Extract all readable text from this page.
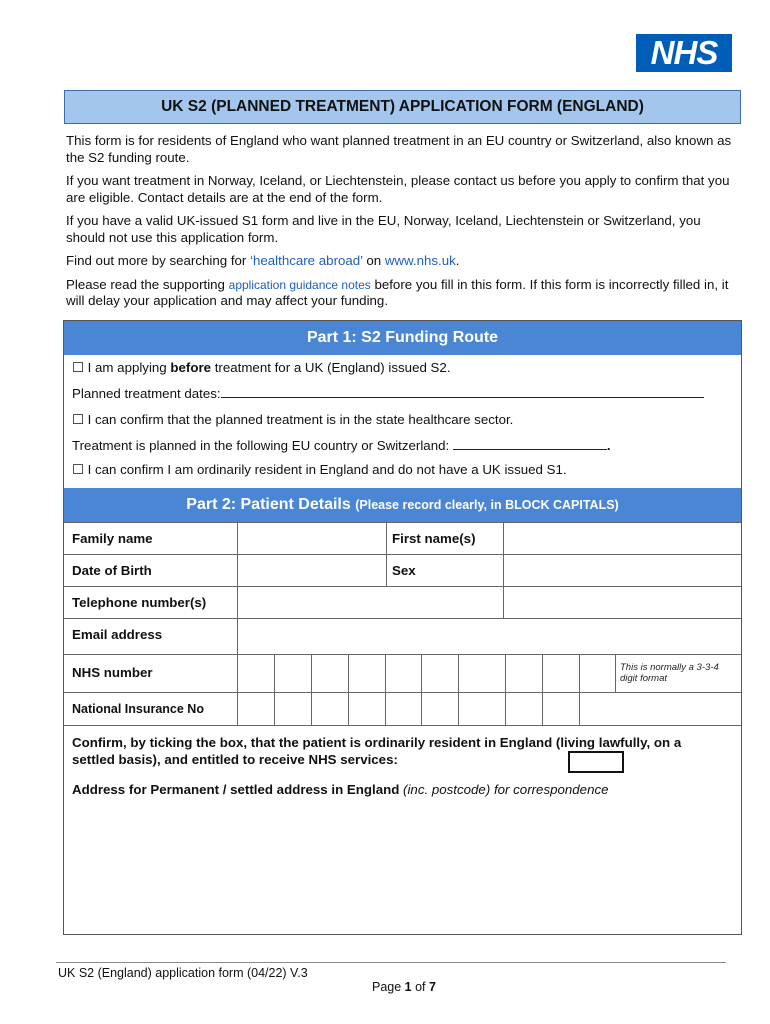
NHS
UK S2 (PLANNED TREATMENT) APPLICATION FORM (ENGLAND)

This form is for residents of England who want planned treatment in an EU country or Switzerland, also known as the S2 funding route.

If you want treatment in Norway, Iceland, or Liechtenstein, please contact us before you apply to confirm that you are eligible. Contact details are at the end of the form.

If you have a valid UK-issued S1 form and live in the EU, Norway, Iceland, Liechtenstein or Switzerland, you should not use this application form.

Find out more by searching for ‘healthcare abroad’ on www.nhs.uk.

Please read the supporting application guidance notes before you fill in this form. If this form is incorrectly filled in, it will delay your application and may affect your funding.

Part 1: S2 Funding Route
☐ I am applying before treatment for a UK (England) issued S2.
Planned treatment dates:
☐ I can confirm that the planned treatment is in the state healthcare sector.
Treatment is planned in the following EU country or Switzerland:	.
☐ I can confirm I am ordinarily resident in England and do not have a UK issued S1.
Part 2: Patient Details (Please record clearly, in BLOCK CAPITALS)
Family name	First name(s)
Date of Birth	Sex
Telephone number(s)
Email address
NHS number	This is normally a 3-3-4 digit format
National Insurance No
Confirm, by ticking the box, that the patient is ordinarily resident in England (living lawfully, on a settled basis), and entitled to receive NHS services:
Address for Permanent / settled address in England (inc. postcode) for correspondence
UK S2 (England) application form (04/22) V.3
Page 1 of 7
